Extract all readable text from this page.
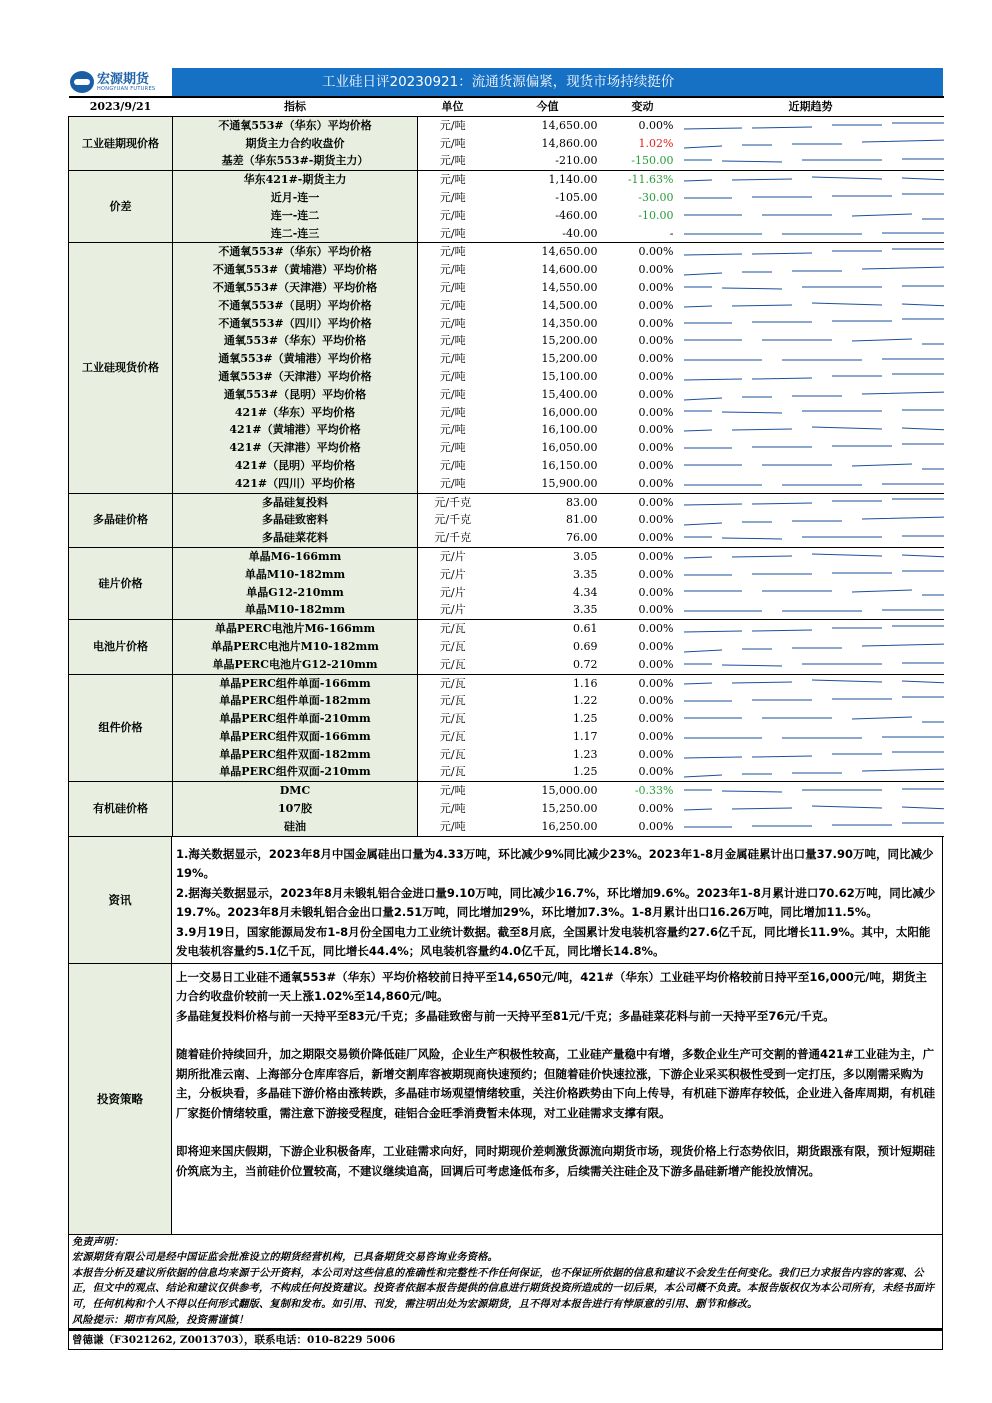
宏源期货
HONGYUAN FUTURES	工业硅日评20230921：流通货源偏紧，现货市场持续挺价
2023/9/21	指标	单位	今值	变动	近期趋势
工业硅期现价格	不通氧553#（华东）平均价格	元/吨	14,650.00	0.00%	

	期货主力合约收盘价	元/吨	14,860.00	1.02%	

	基差（华东553#-期货主力）	元/吨	-210.00	-150.00	

价差	华东421#-期货主力	元/吨	1,140.00	-11.63%	

	近月-连一	元/吨	-105.00	-30.00	

	连一-连二	元/吨	-460.00	-10.00	

	连二-连三	元/吨	-40.00	-	

工业硅现货价格	不通氧553#（华东）平均价格	元/吨	14,650.00	0.00%	

	不通氧553#（黄埔港）平均价格	元/吨	14,600.00	0.00%	

	不通氧553#（天津港）平均价格	元/吨	14,550.00	0.00%	

	不通氧553#（昆明）平均价格	元/吨	14,500.00	0.00%	

	不通氧553#（四川）平均价格	元/吨	14,350.00	0.00%	

	通氧553#（华东）平均价格	元/吨	15,200.00	0.00%	

	通氧553#（黄埔港）平均价格	元/吨	15,200.00	0.00%	

	通氧553#（天津港）平均价格	元/吨	15,100.00	0.00%	

	通氧553#（昆明）平均价格	元/吨	15,400.00	0.00%	

	421#（华东）平均价格	元/吨	16,000.00	0.00%	

	421#（黄埔港）平均价格	元/吨	16,100.00	0.00%	

	421#（天津港）平均价格	元/吨	16,050.00	0.00%	

	421#（昆明）平均价格	元/吨	16,150.00	0.00%	

	421#（四川）平均价格	元/吨	15,900.00	0.00%	

多晶硅价格	多晶硅复投料	元/千克	83.00	0.00%	

	多晶硅致密料	元/千克	81.00	0.00%	

	多晶硅菜花料	元/千克	76.00	0.00%	

硅片价格	单晶M6-166mm	元/片	3.05	0.00%	

	单晶M10-182mm	元/片	3.35	0.00%	

	单晶G12-210mm	元/片	4.34	0.00%	

	单晶M10-182mm	元/片	3.35	0.00%	

电池片价格	单晶PERC电池片M6-166mm	元/瓦	0.61	0.00%	

	单晶PERC电池片M10-182mm	元/瓦	0.69	0.00%	

	单晶PERC电池片G12-210mm	元/瓦	0.72	0.00%	

组件价格	单晶PERC组件单面-166mm	元/瓦	1.16	0.00%	

	单晶PERC组件单面-182mm	元/瓦	1.22	0.00%	

	单晶PERC组件单面-210mm	元/瓦	1.25	0.00%	

	单晶PERC组件双面-166mm	元/瓦	1.17	0.00%	

	单晶PERC组件双面-182mm	元/瓦	1.23	0.00%	

	单晶PERC组件双面-210mm	元/瓦	1.25	0.00%	

有机硅价格	DMC	元/吨	15,000.00	-0.33%	

	107胶	元/吨	15,250.00	0.00%	

	硅油	元/吨	16,250.00	0.00%	
资讯

1.海关数据显示，2023年8月中国金属硅出口量为4.33万吨，环比减少9%同比减少23%。2023年1-8月金属硅累计出口量37.90万吨，同比减少19%。

2.据海关数据显示，2023年8月未锻轧铝合金进口量9.10万吨，同比减少16.7%，环比增加9.6%。2023年1-8月累计进口70.62万吨，同比减少19.7%。2023年8月未锻轧铝合金出口量2.51万吨，同比增加29%，环比增加7.3%。1-8月累计出口16.26万吨，同比增加11.5%。

3.9月19日，国家能源局发布1-8月份全国电力工业统计数据。截至8月底，全国累计发电装机容量约27.6亿千瓦，同比增长11.9%。其中，太阳能发电装机容量约5.1亿千瓦，同比增长44.4%；风电装机容量约4.0亿千瓦，同比增长14.8%。

投资策略

上一交易日工业硅不通氧553#（华东）平均价格较前日持平至14,650元/吨，421#（华东）工业硅平均价格较前日持平至16,000元/吨，期货主力合约收盘价较前一天上涨1.02%至14,860元/吨。

多晶硅复投料价格与前一天持平至83元/千克；多晶硅致密与前一天持平至81元/千克；多晶硅菜花料与前一天持平至76元/千克。

随着硅价持续回升，加之期限交易锁价降低硅厂风险，企业生产积极性较高，工业硅产量稳中有增，多数企业生产可交割的普通421#工业硅为主，广期所批准云南、上海部分仓库库容后，新增交割库容被期现商快速预约；但随着硅价快速拉涨，下游企业采买积极性受到一定打压，多以刚需采购为主，分板块看，多晶硅下游价格由涨转跌，多晶硅市场观望情绪较重，关注价格跌势由下向上传导，有机硅下游库存较低，企业进入备库周期，有机硅厂家挺价情绪较重，需注意下游接受程度，硅铝合金旺季消费暂未体现，对工业硅需求支撑有限。

即将迎来国庆假期，下游企业积极备库，工业硅需求向好，同时期现价差刺激货源流向期货市场，现货价格上行态势依旧，期货跟涨有限，预计短期硅价筑底为主，当前硅价位置较高，不建议继续追高，回调后可考虑逢低布多，后续需关注硅企及下游多晶硅新增产能投放情况。

免责声明：
宏源期货有限公司是经中国证监会批准设立的期货经营机构，已具备期货交易咨询业务资格。
本报告分析及建议所依据的信息均来源于公开资料，本公司对这些信息的准确性和完整性不作任何保证，也不保证所依据的信息和建议不会发生任何变化。我们已力求报告内容的客观、公正，但文中的观点、结论和建议仅供参考，不构成任何投资建议。投资者依据本报告提供的信息进行期货投资所造成的一切后果，本公司概不负责。本报告版权仅为本公司所有，未经书面许可，任何机构和个人不得以任何形式翻版、复制和发布。如引用、刊发，需注明出处为宏源期货，且不得对本报告进行有悖原意的引用、删节和修改。
风险提示：期市有风险，投资需谨慎！
曾德谦（F3021262, Z0013703），联系电话：010-8229 5006
